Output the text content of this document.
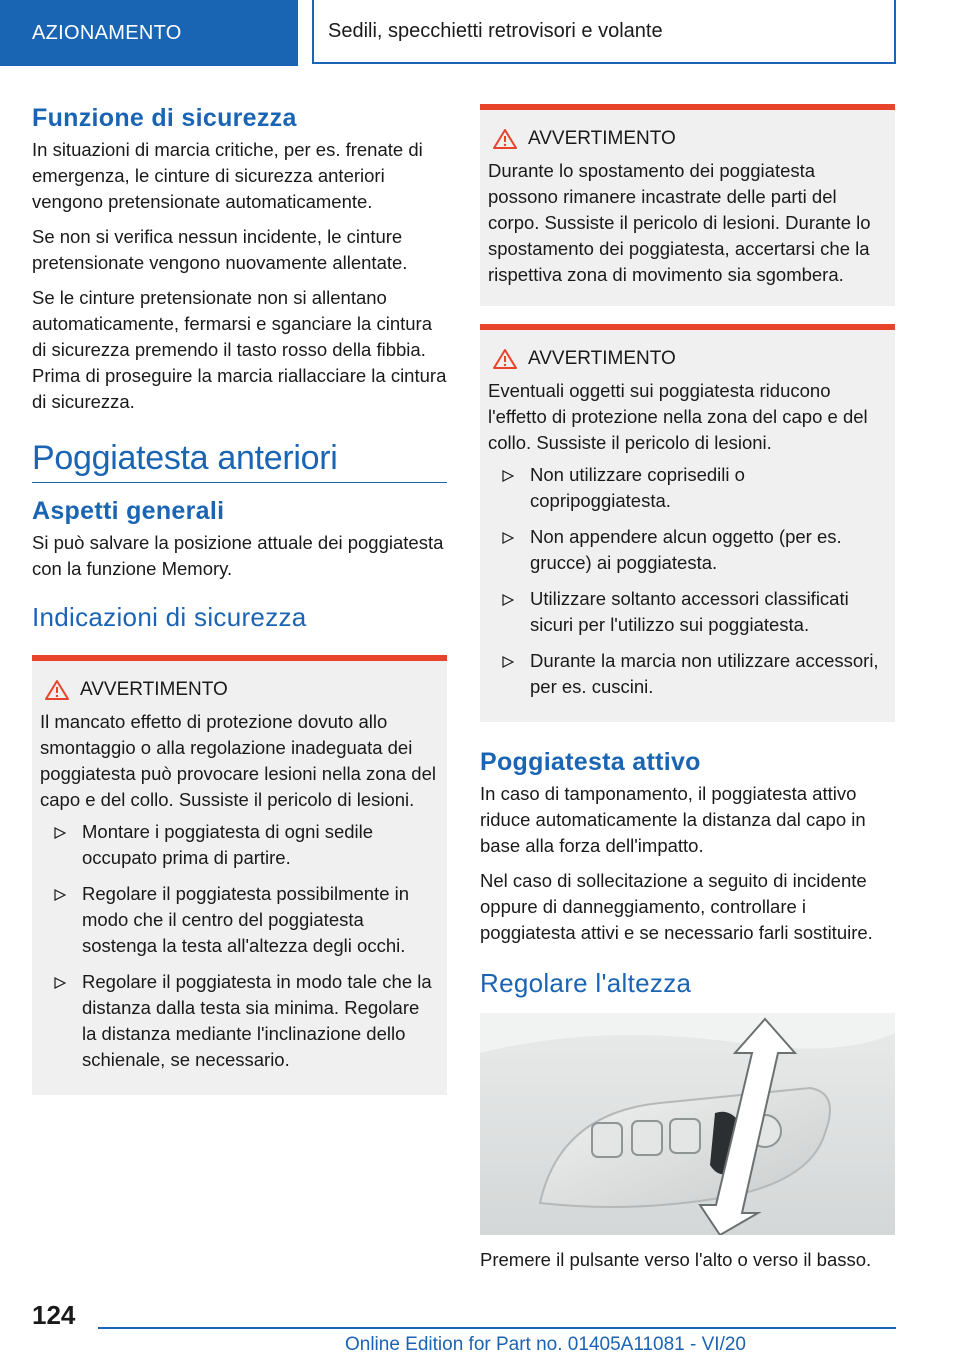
AZIONAMENTO	Sedili, specchietti retrovisori e volante
Funzione di sicurezza

In situazioni di marcia critiche, per es. frenate di emergenza, le cinture di sicurezza anteriori vengono pretensionate automaticamente.

Se non si verifica nessun incidente, le cinture pretensionate vengono nuovamente allentate.

Se le cinture pretensionate non si allentano automaticamente, fermarsi e sganciare la cintura di sicurezza premendo il tasto rosso della fibbia. Prima di proseguire la marcia riallacciare la cintura di sicurezza.

Poggiatesta anteriori
Aspetti generali

Si può salvare la posizione attuale dei poggiatesta con la funzione Memory.

Indicazioni di sicurezza
AVVERTIMENTO

Il mancato effetto di protezione dovuto allo smontaggio o alla regolazione inadeguata dei poggiatesta può provocare lesioni nella zona del capo e del collo. Sussiste il pericolo di lesioni.

Montare i poggiatesta di ogni sedile occupato prima di partire.
Regolare il poggiatesta possibilmente in modo che il centro del poggiatesta sostenga la testa all'altezza degli occhi.
Regolare il poggiatesta in modo tale che la distanza dalla testa sia minima. Regolare la distanza mediante l'inclinazione dello schienale, se necessario.
AVVERTIMENTO

Durante lo spostamento dei poggiatesta possono rimanere incastrate delle parti del corpo. Sussiste il pericolo di lesioni. Durante lo spostamento dei poggiatesta, accertarsi che la rispettiva zona di movimento sia sgombera.

AVVERTIMENTO

Eventuali oggetti sui poggiatesta riducono l'effetto di protezione nella zona del capo e del collo. Sussiste il pericolo di lesioni.

Non utilizzare coprisedili o copripoggiatesta.
Non appendere alcun oggetto (per es. grucce) ai poggiatesta.
Utilizzare soltanto accessori classificati sicuri per l'utilizzo sui poggiatesta.
Durante la marcia non utilizzare accessori, per es. cuscini.
Poggiatesta attivo

In caso di tamponamento, il poggiatesta attivo riduce automaticamente la distanza dal capo in base alla forza dell'impatto.

Nel caso di sollecitazione a seguito di incidente oppure di danneggiamento, controllare i poggiatesta attivi e se necessario farli sostituire.

Regolare l'altezza

Premere il pulsante verso l'alto o verso il basso.

124
Online Edition for Part no. 01405A11081 - VI/20
